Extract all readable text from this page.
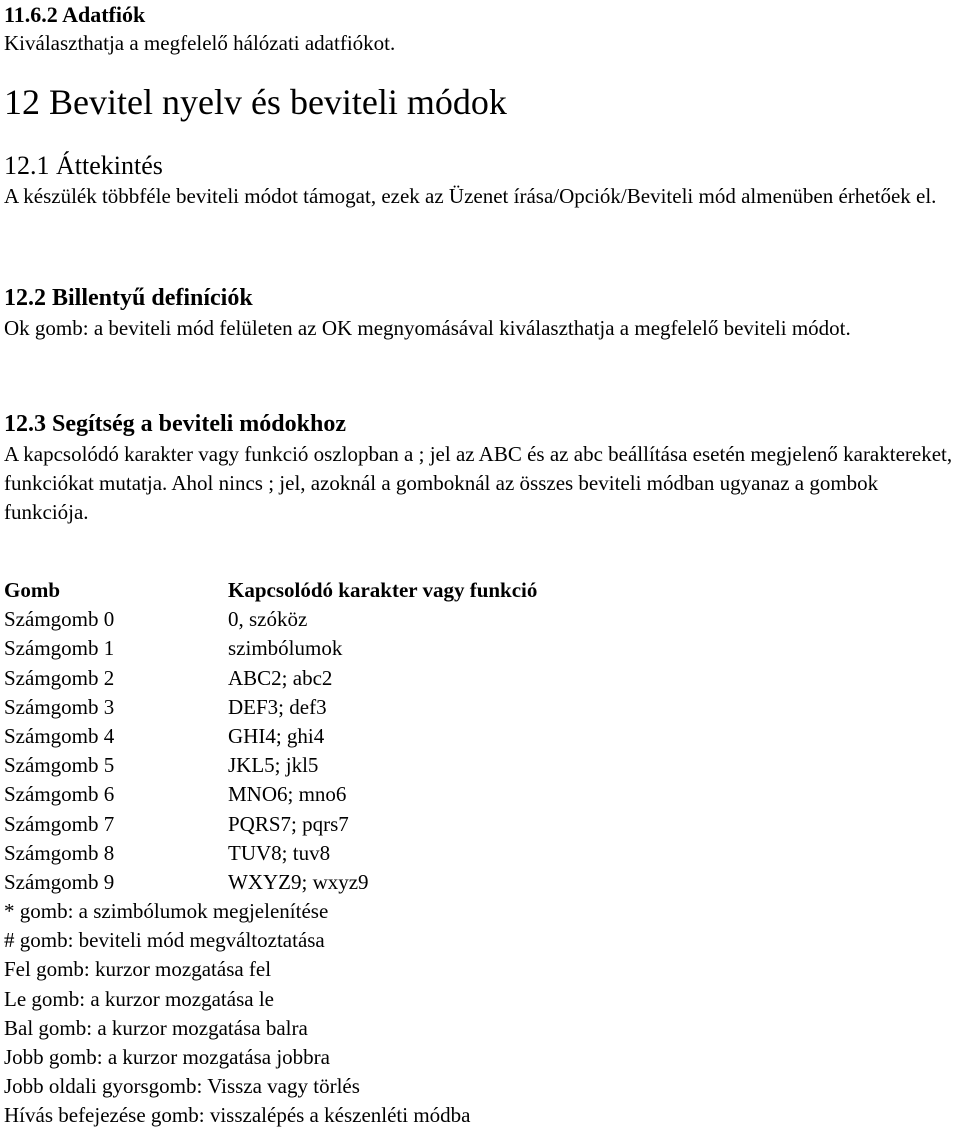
11.6.2 Adatfiók

Kiválaszthatja a megfelelő hálózati adatfiókot.

12 Bevitel nyelv és beviteli módok

12.1 Áttekintés

A készülék többféle beviteli módot támogat, ezek az Üzenet írása/Opciók/Beviteli mód almenüben érhetőek el.

12.2 Billentyű definíciók

Ok gomb: a beviteli mód felületen az OK megnyomásával kiválaszthatja a megfelelő beviteli módot.

12.3 Segítség a beviteli módokhoz

A kapcsolódó karakter vagy funkció oszlopban a ; jel az ABC és az abc beállítása esetén megjelenő karaktereket, funkciókat mutatja. Ahol nincs ; jel, azoknál a gomboknál az összes beviteli módban ugyanaz a gombok funkciója.

Gomb	Kapcsolódó karakter vagy funkció
Számgomb 0	0, szóköz
Számgomb 1	szimbólumok
Számgomb 2	ABC2; abc2
Számgomb 3	DEF3; def3
Számgomb 4	GHI4; ghi4
Számgomb 5	JKL5; jkl5
Számgomb 6	MNO6; mno6
Számgomb 7	PQRS7; pqrs7
Számgomb 8	TUV8; tuv8
Számgomb 9	WXYZ9; wxyz9

* gomb: a szimbólumok megjelenítése

# gomb: beviteli mód megváltoztatása

Fel gomb: kurzor mozgatása fel

Le gomb: a kurzor mozgatása le

Bal gomb: a kurzor mozgatása balra

Jobb gomb: a kurzor mozgatása jobbra

Jobb oldali gyorsgomb: Vissza vagy törlés

Hívás befejezése gomb: visszalépés a készenléti módba
